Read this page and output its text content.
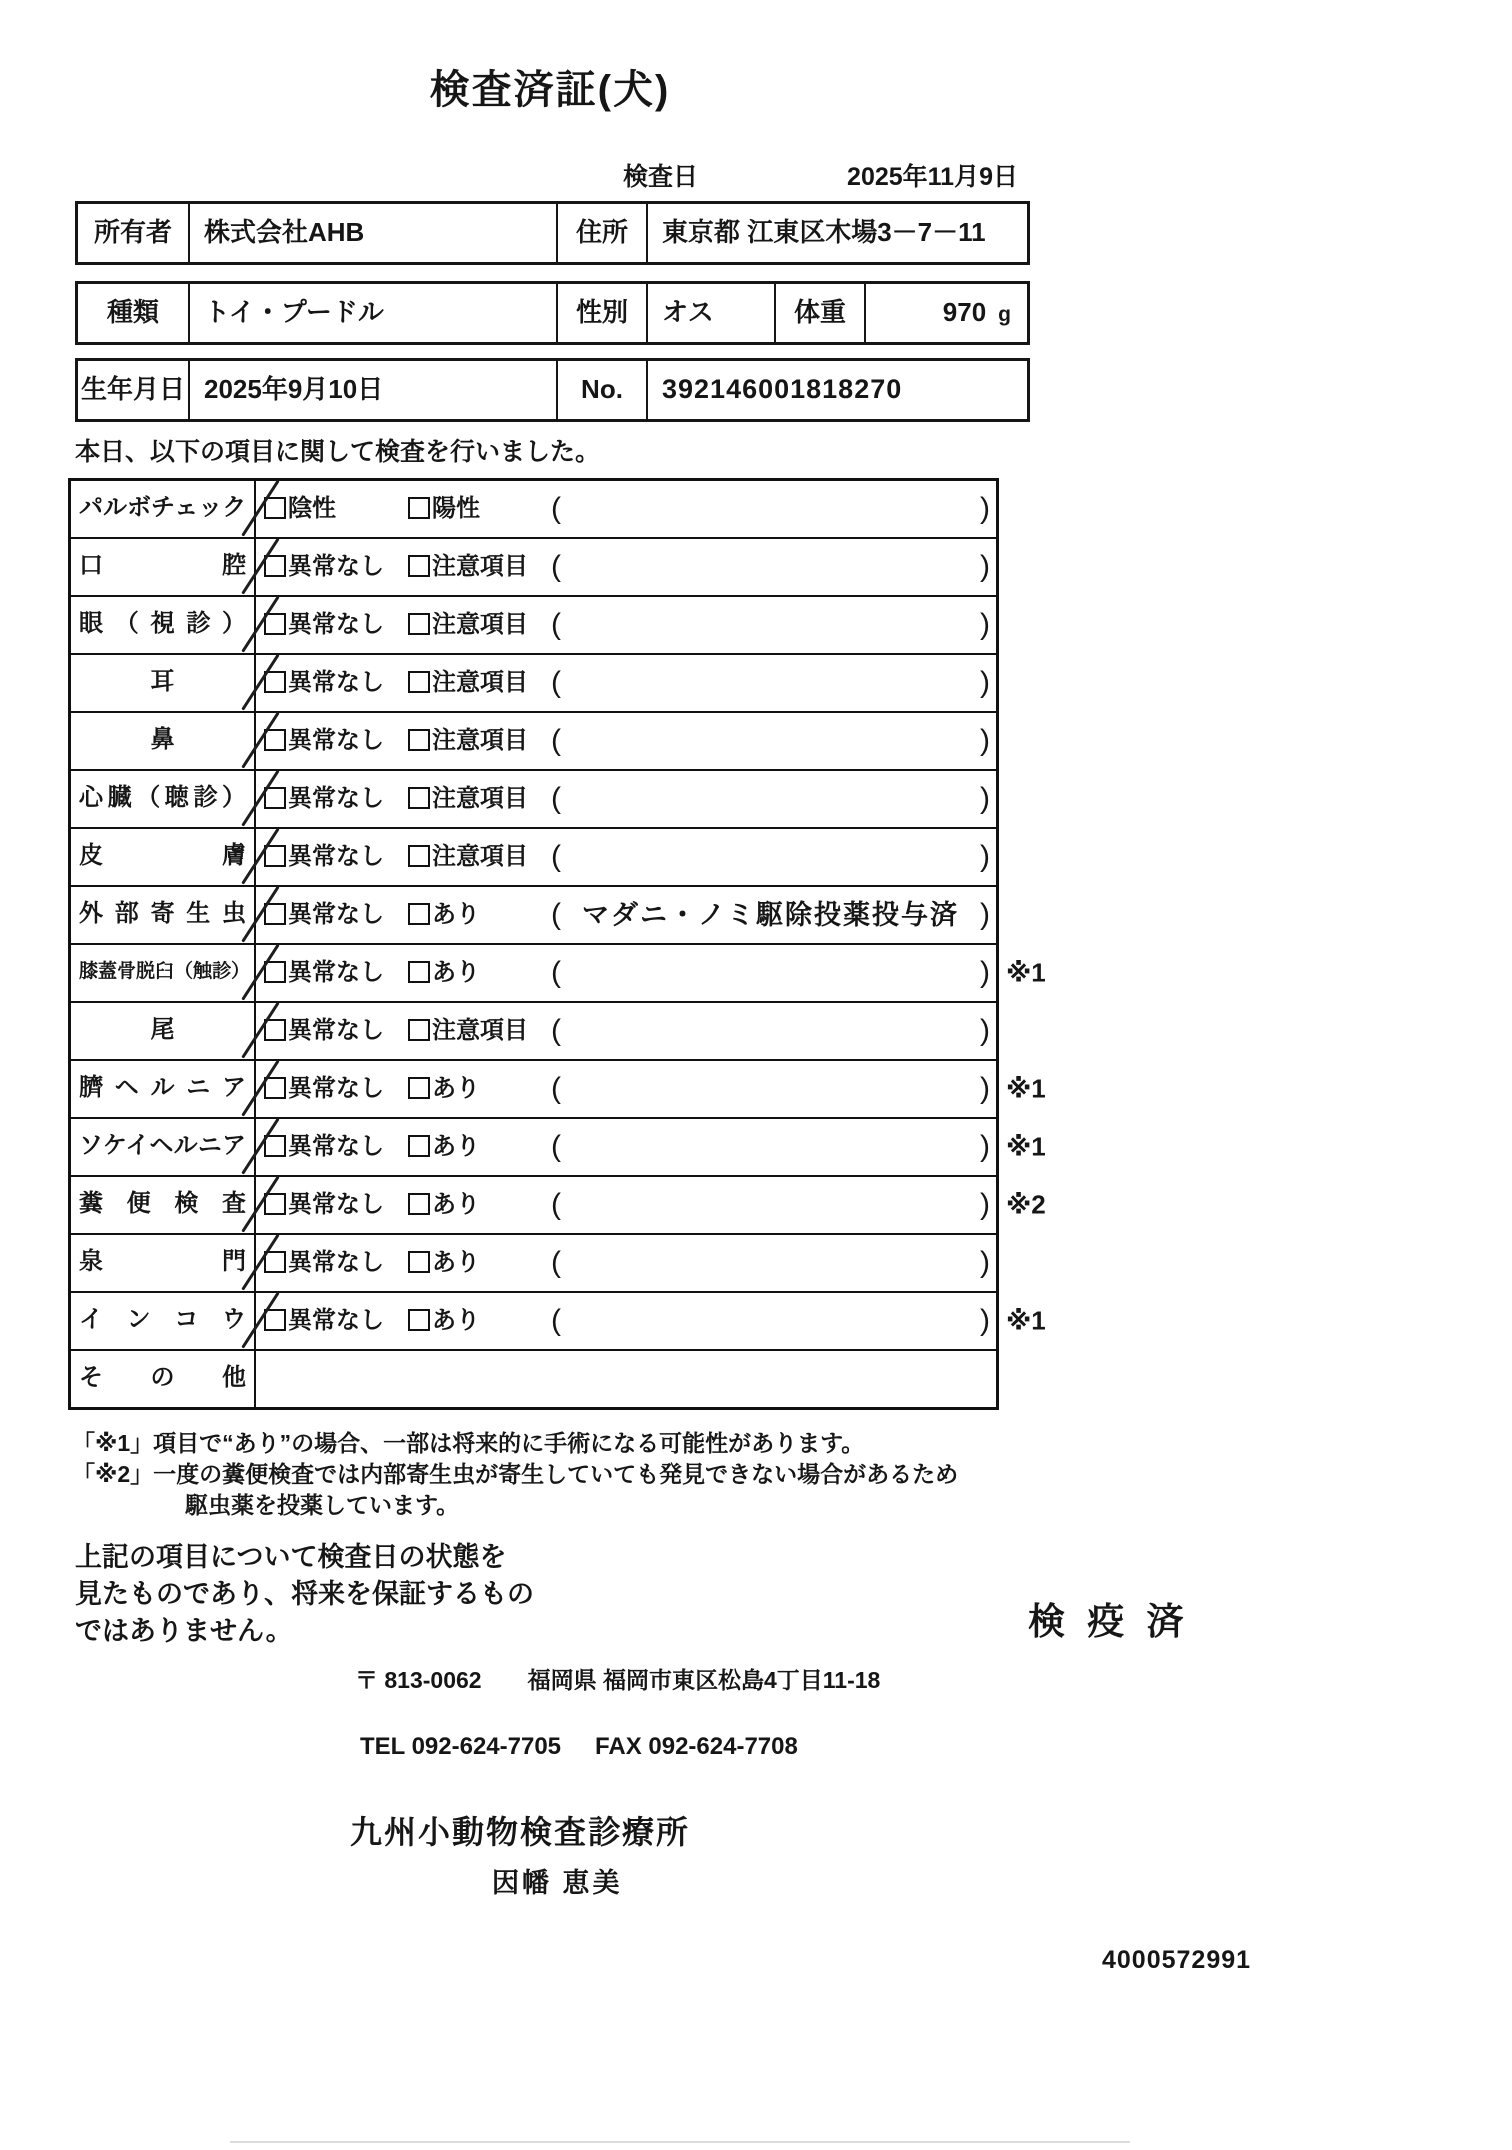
検査済証(犬)
検査日	2025年11月9日
所有者	株式会社AHB	住所	東京都 江東区木場3－7－11
種類	トイ・プードル	性別	オス	体重	970 g
生年月日 2025年9月10日	No.	392146001818270

本日、以下の項目に関して検査を行いました。

パルボチェック	陰性	陽性 (	)
口腔	異常なし	注意項目 (	)
眼（視診）	異常なし	注意項目 (	)
耳	異常なし	注意項目 (	)
鼻	異常なし	注意項目 (	)
心臓（聴診）	異常なし	注意項目 (	)
皮膚	異常なし	注意項目 (	)
外部寄生虫	異常なし	あり ( マダニ・ノミ駆除投薬投与済 )
膝蓋骨脱臼（触診）	異常なし	あり (	) ※1
尾	異常なし	注意項目 (	)
臍ヘルニア	異常なし	あり (	) ※1
ソケイヘルニア	異常なし	あり (	) ※1
糞便検査	異常なし	あり (	) ※2
泉門	異常なし	あり (	)
インコウ	異常なし	あり (	) ※1
その他
「※1」項目で“あり”の場合、一部は将来的に手術になる可能性があります。
「※2」一度の糞便検査では内部寄生虫が寄生していても発見できない場合があるため
駆虫薬を投薬しています。
上記の項目について検査日の状態を
見たものであり、将来を保証するもの
ではありません。	検 疫 済
〒 813-0062 福岡県 福岡市東区松島4丁目11-18
TEL 092-624-7705 FAX 092-624-7708
九州小動物検査診療所
因幡 恵美
4000572991
